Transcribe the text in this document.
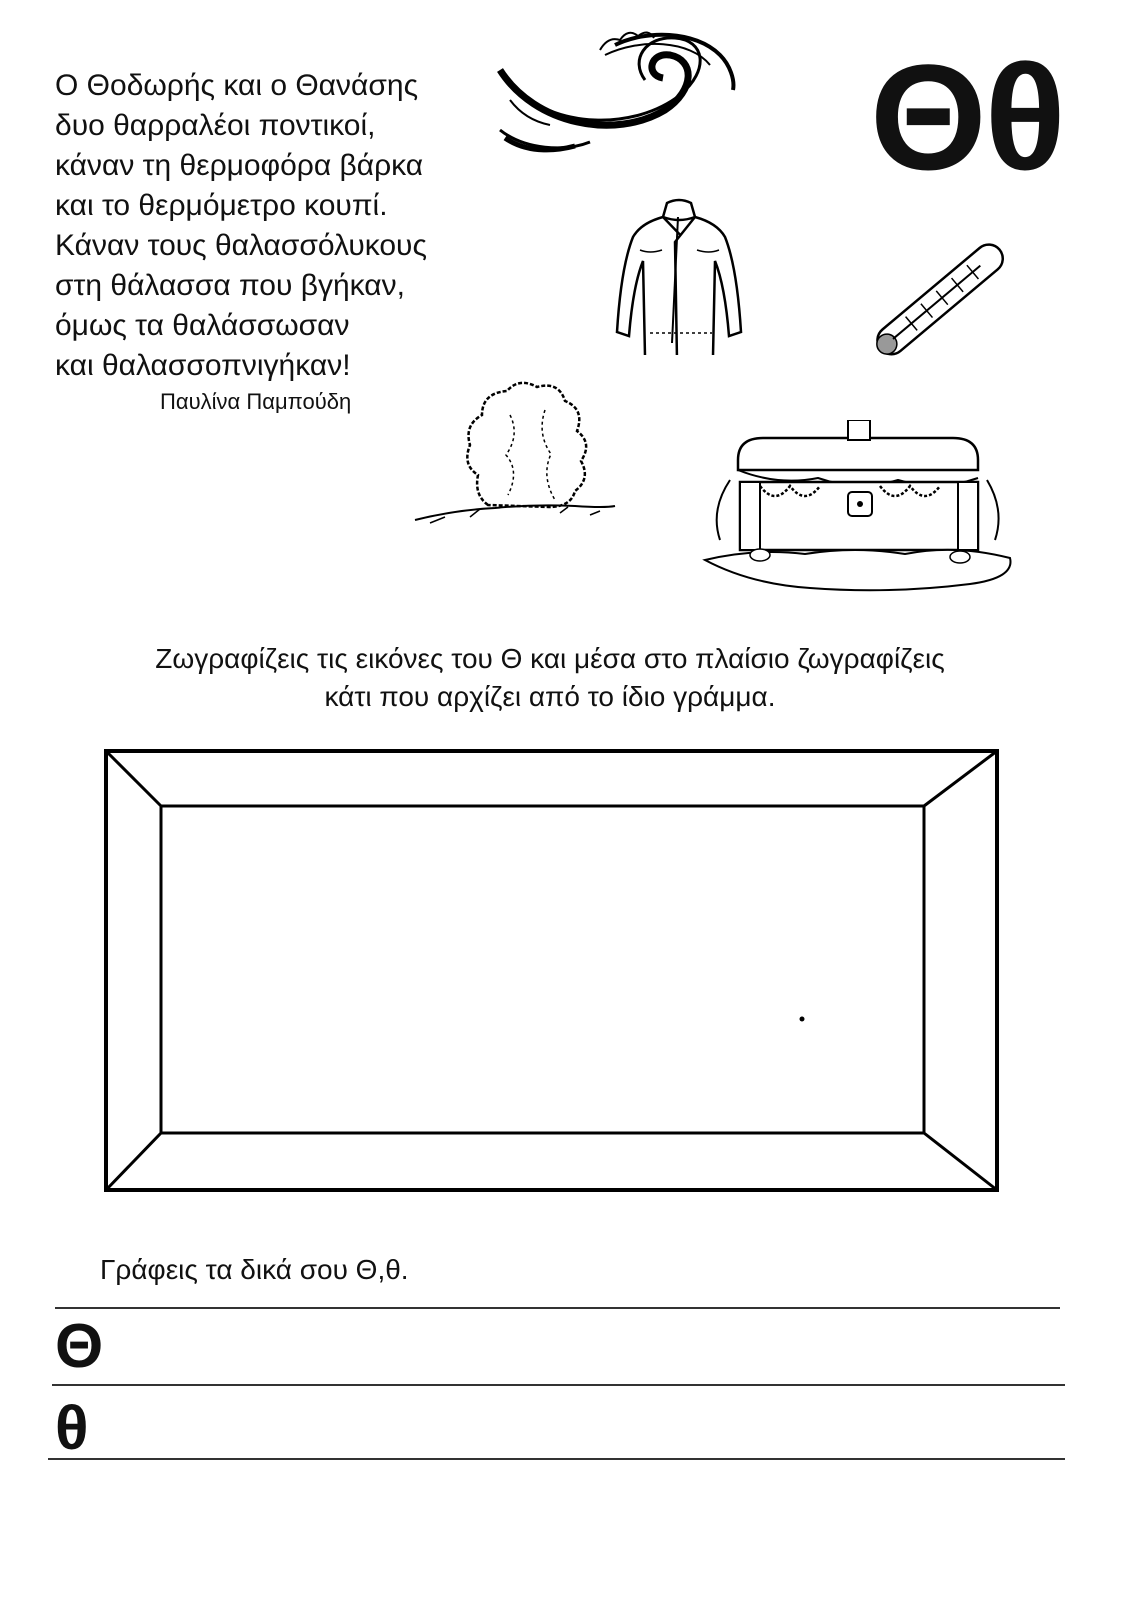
Ο Θοδωρής και ο Θανάσης
δυο θαρραλέοι ποντικοί,
κάναν τη θερμοφόρα βάρκα
και το θερμόμετρο κουπί.
Κάναν τους θαλασσόλυκους
στη θάλασσα που βγήκαν,
όμως τα θαλάσσωσαν
και θαλασσοπνιγήκαν!
Παυλίνα Παμπούδη
Θθ
Ζωγραφίζεις τις εικόνες του Θ και μέσα στο πλαίσιο ζωγραφίζεις
κάτι που αρχίζει από το ίδιο γράμμα.
Γράφεις τα δικά σου Θ,θ.
Θ
θ
